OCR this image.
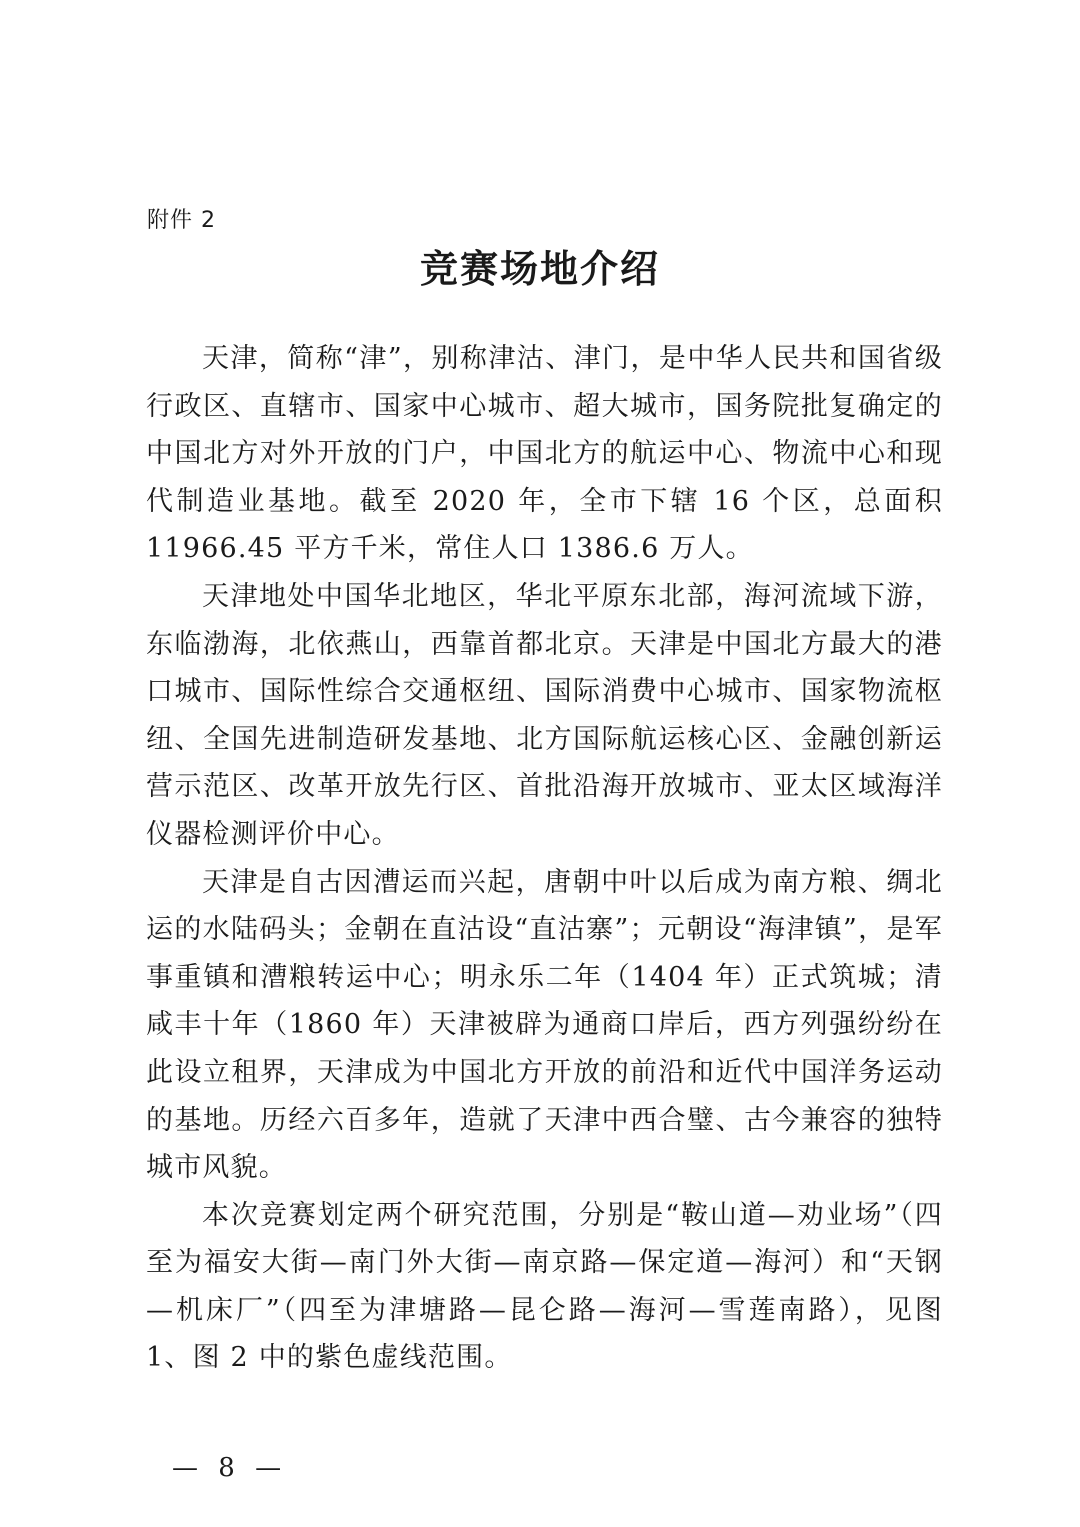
附件 2
竞赛场地介绍

天津，简称“津”，别称津沽、津门，是中华人民共和国省级行政区、直辖市、国家中心城市、超大城市，国务院批复确定的中国北方对外开放的门户，中国北方的航运中心、物流中心和现代制造业基地。截至 2020 年，全市下辖 16 个区，总面积 11966.45 平方千米，常住人口 1386.6 万人。

天津地处中国华北地区，华北平原东北部，海河流域下游，东临渤海，北依燕山，西靠首都北京。天津是中国北方最大的港口城市、国际性综合交通枢纽、国际消费中心城市、国家物流枢纽、全国先进制造研发基地、北方国际航运核心区、金融创新运营示范区、改革开放先行区、首批沿海开放城市、亚太区域海洋仪器检测评价中心。

天津是自古因漕运而兴起，唐朝中叶以后成为南方粮、绸北运的水陆码头；金朝在直沽设“直沽寨”；元朝设“海津镇”，是军事重镇和漕粮转运中心；明永乐二年（1404 年）正式筑城；清咸丰十年（1860 年）天津被辟为通商口岸后，西方列强纷纷在此设立租界，天津成为中国北方开放的前沿和近代中国洋务运动的基地。历经六百多年，造就了天津中西合璧、古今兼容的独特城市风貌。

本次竞赛划定两个研究范围，分别是“鞍山道—劝业场”（四至为福安大街—南门外大街—南京路—保定道—海河）和“天钢—机床厂”（四至为津塘路—昆仑路—海河—雪莲南路），见图 1、图 2 中的紫色虚线范围。

— 8 —
